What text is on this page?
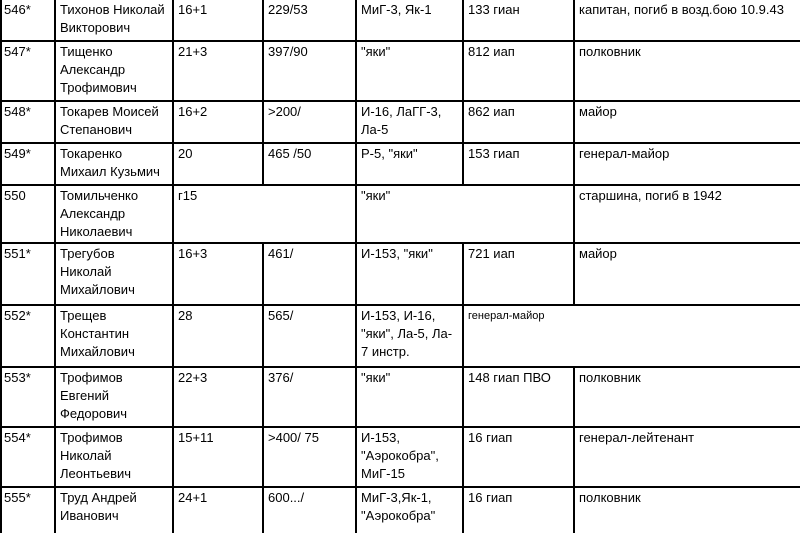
546*	Тихонов Николай
Викторович
16+1	229/53	МиГ-3, Як-1	133 гиан	капитан, погиб в возд.бою 10.9.43
547*	Тищенко
Александр
Трофимович
21+3	397/90	"яки"	812 иап	полковник
548*	Токарев Моисей
Степанович
16+2	>200/	И-16, ЛаГГ-3,
Ла-5
862 иап	майор
549*	Токаренко
Михаил Кузьмич
20	465 /50	Р-5, "яки"	153 гиап	генерал-майор
550	Томильченко
Александр
Николаевич
г15	"яки"	старшина, погиб в 1942
551*	Трегубов
Николай
Михайлович
16+3	461/	И-153, "яки"	721 иап	майор
552*	Трещев
Константин
Михайлович
28	565/	И-153, И-16,
"яки", Ла-5, Ла-
7 инстр.
генерал-майор
553*	Трофимов
Евгений
Федорович
22+3	376/	"яки"	148 гиап ПВО	полковник
554*	Трофимов
Николай
Леонтьевич
15+11	>400/ 75	И-153,
"Аэрокобра",
МиГ-15
16 гиап	генерал-лейтенант
555*	Труд Андрей
Иванович
24+1	600.../	МиГ-3,Як-1,
"Аэрокобра"
16 гиап	полковник
